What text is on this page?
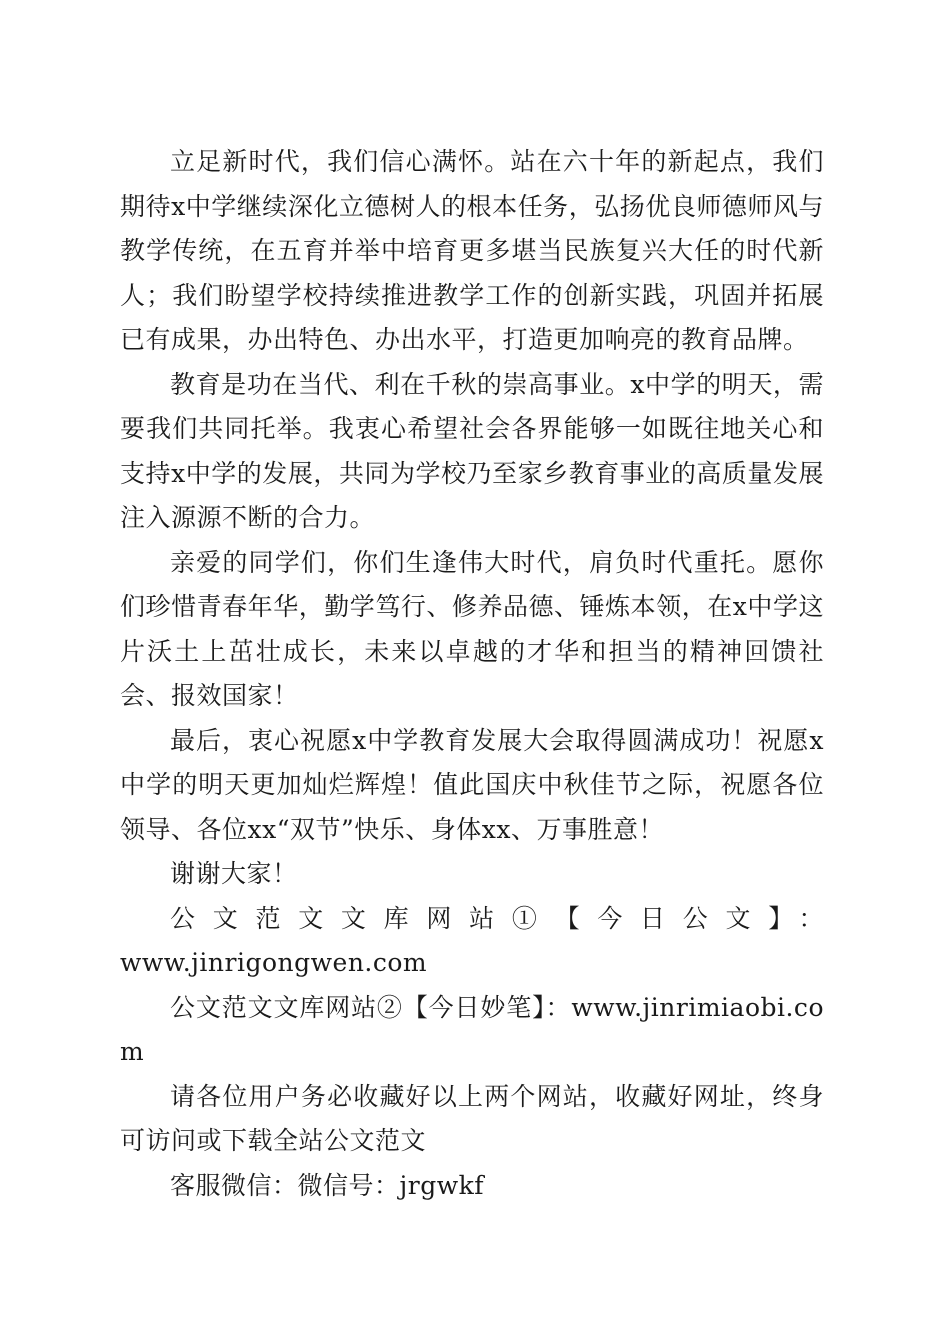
立足新时代，我们信心满怀。站在六十年的新起点，我们期待x中学继续深化立德树人的根本任务，弘扬优良师德师风与教学传统，在五育并举中培育更多堪当民族复兴大任的时代新人；我们盼望学校持续推进教学工作的创新实践，巩固并拓展已有成果，办出特色、办出水平，打造更加响亮的教育品牌。

教育是功在当代、利在千秋的崇高事业。x中学的明天，需要我们共同托举。我衷心希望社会各界能够一如既往地关心和支持x中学的发展，共同为学校乃至家乡教育事业的高质量发展注入源源不断的合力。

亲爱的同学们，你们生逢伟大时代，肩负时代重托。愿你们珍惜青春年华，勤学笃行、修养品德、锤炼本领，在x中学这片沃土上茁壮成长，未来以卓越的才华和担当的精神回馈社会、报效国家！

最后，衷心祝愿x中学教育发展大会取得圆满成功！祝愿x中学的明天更加灿烂辉煌！值此国庆中秋佳节之际，祝愿各位领导、各位xx“双节”快乐、身体xx、万事胜意！

谢谢大家！

公文范文文库网站①【今日公文】：

www.jinrigongwen.com

公文范文文库网站②【今日妙笔】：www.jinrimiaobi.com

请各位用户务必收藏好以上两个网站，收藏好网址，终身可访问或下载全站公文范文

客服微信：微信号：jrgwkf
